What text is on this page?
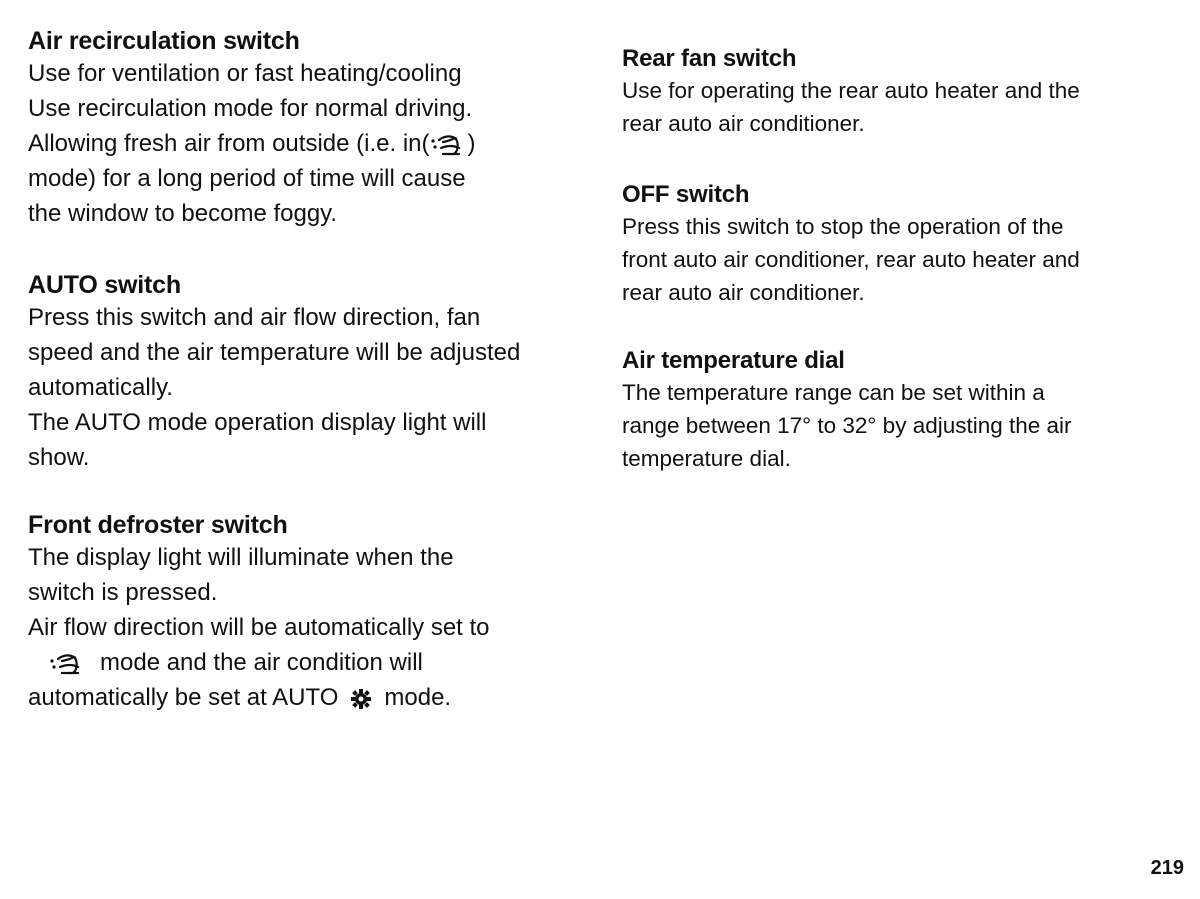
Air recirculation switch

Use for ventilation or fast heating/cooling

Use recirculation mode for normal driving.

Allowing fresh air from outside (i.e. in( )

mode) for a long period of time will cause

the window to become foggy.

AUTO switch

Press this switch and air flow direction, fan

speed and the air temperature will be adjusted

automatically.

The AUTO mode operation display light will

show.

Front defroster switch

The display light will illuminate when the

switch is pressed.

Air flow direction will be automatically set to

mode and the air condition will

automatically be set at AUTO mode.

Rear fan switch

Use for operating the rear auto heater and the

rear auto air conditioner.

OFF switch

Press this switch to stop the operation of the

front auto air conditioner, rear auto heater and

rear auto air conditioner.

Air temperature dial

The temperature range can be set within a

range between 17° to 32° by adjusting the air

temperature dial.

219
